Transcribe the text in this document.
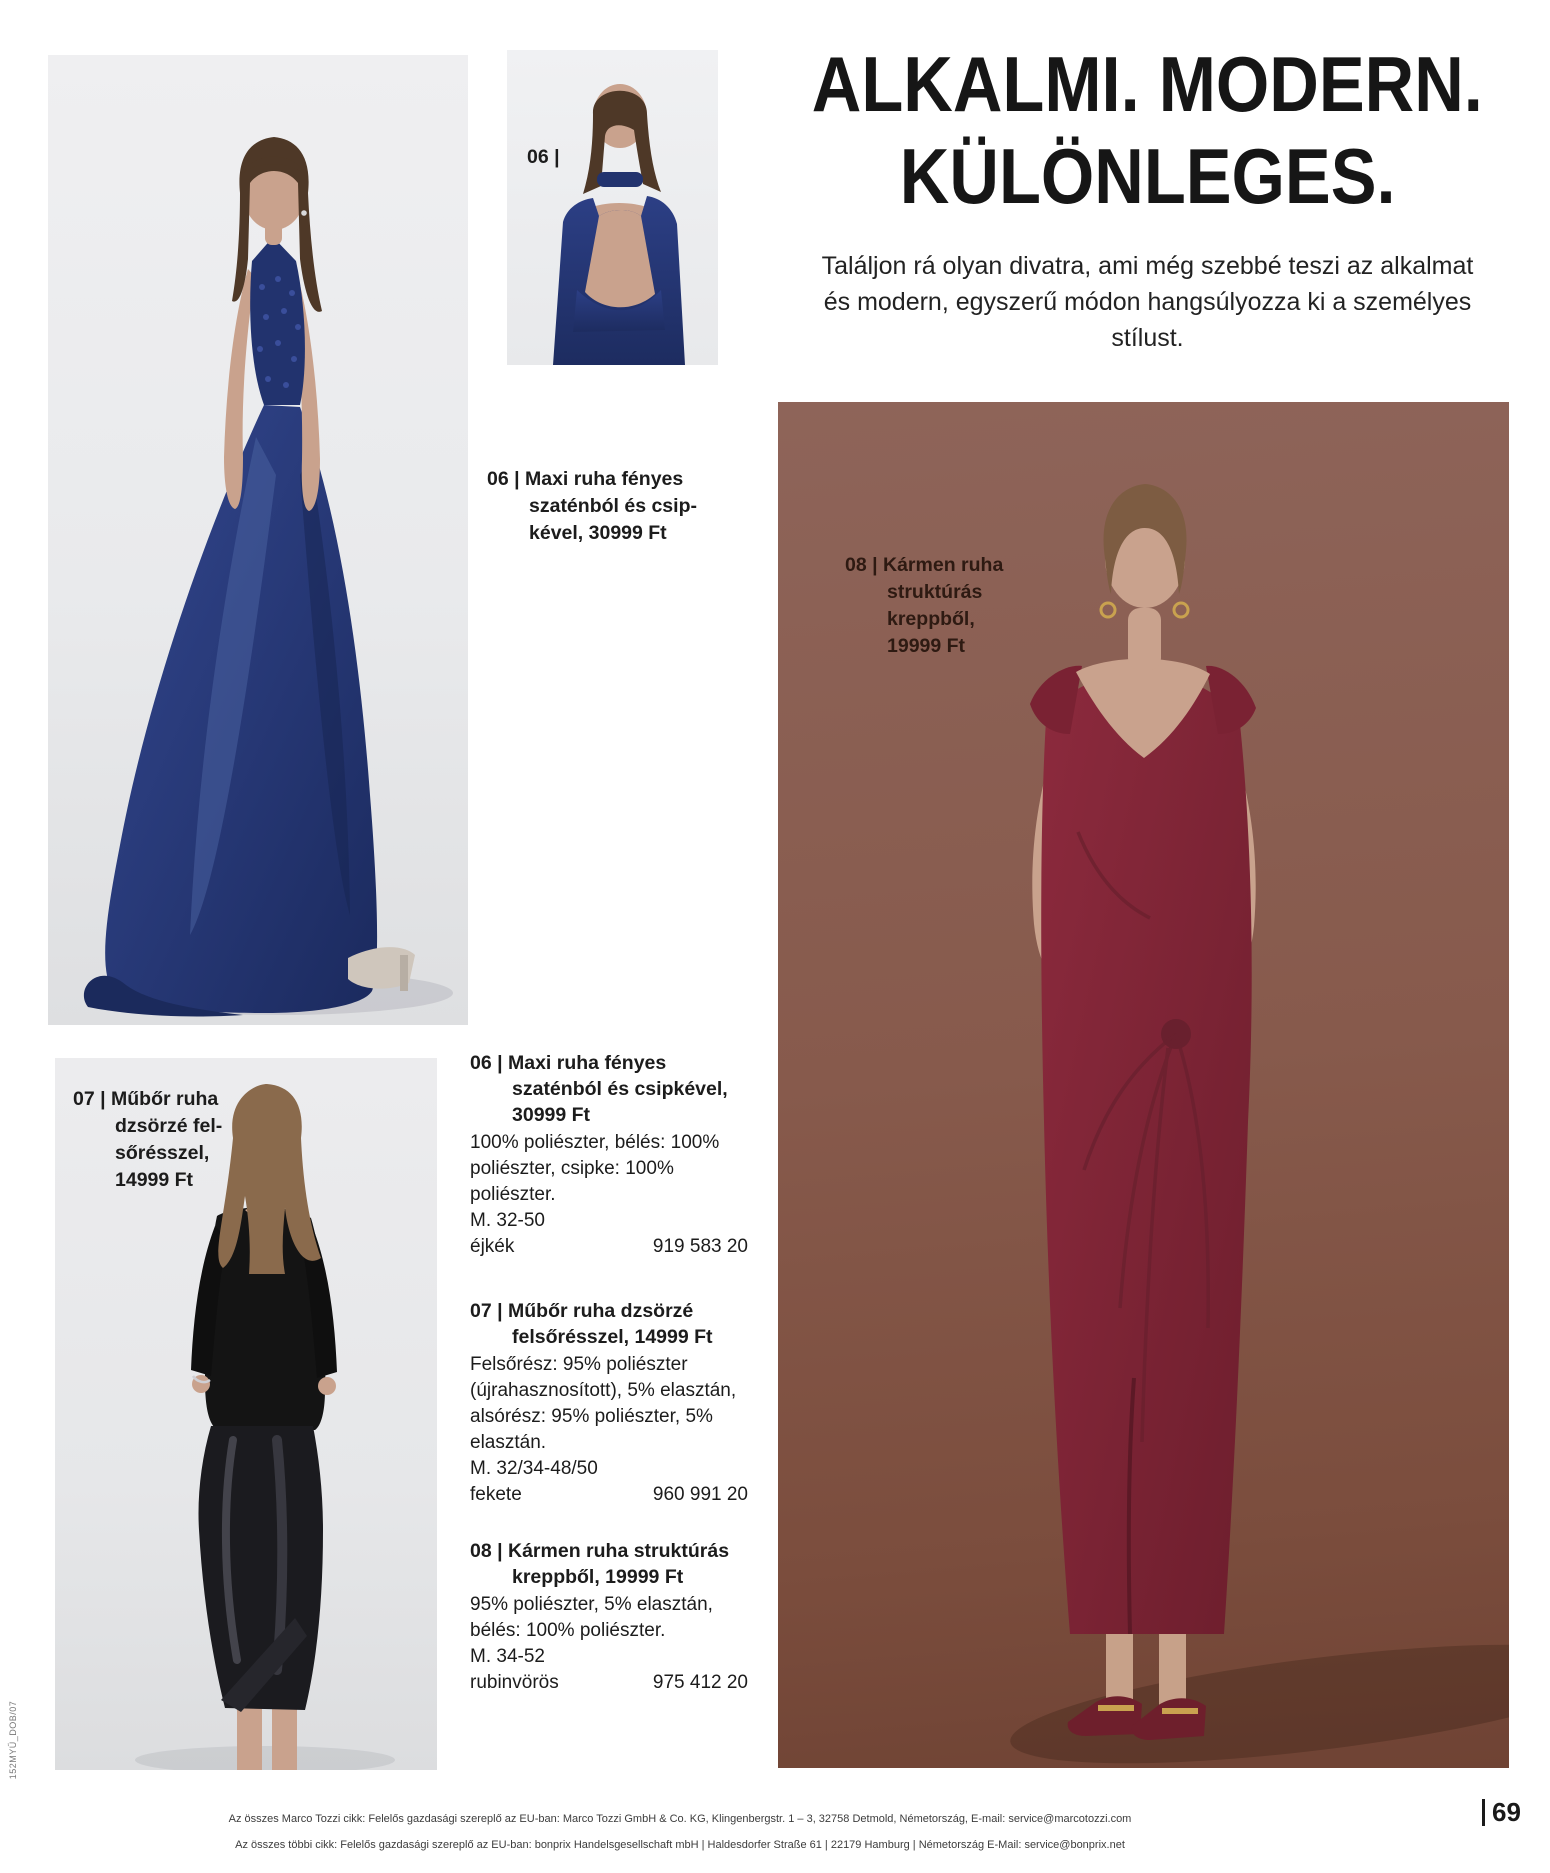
06 |

06 | Maxi ruha fényes

szaténból és csip-

kével, 30999 Ft

ALKALMI. MODERN.
KÜLÖNLEGES.

Találjon rá olyan divatra, ami még szebbé teszi az alkalmat
és modern, egyszerű módon hangsúlyozza ki a személyes
stílust.

08 | Kármen ruha

struktúrás

kreppből,

19999 Ft

07 | Műbőr ruha

dzsörzé fel-

sőrésszel,

14999 Ft

06 | Maxi ruha fényes szaténból és csipkével, 30999 Ft

100% poliészter, bélés: 100% poliészter, csipke: 100% poliészter.

M. 32-50

éjkék	919 583 20

07 | Műbőr ruha dzsörzé felsőrésszel, 14999 Ft

Felsőrész: 95% poliészter (újrahasznosított), 5% elasztán, alsórész: 95% poliészter, 5% elasztán.

M. 32/34-48/50

fekete	960 991 20

08 | Kármen ruha struktúrás kreppből, 19999 Ft

95% poliészter, 5% elasztán, bélés: 100% poliészter.

M. 34-52

rubinvörös	975 412 20

Az összes Marco Tozzi cikk: Felelős gazdasági szereplő az EU-ban: Marco Tozzi GmbH & Co. KG, Klingenbergstr. 1 – 3, 32758 Detmold, Németország, E-mail: service@marcotozzi.com

Az összes többi cikk: Felelős gazdasági szereplő az EU-ban: bonprix Handelsgesellschaft mbH | Haldesdorfer Straße 61 | 22179 Hamburg | Németország E-Mail: service@bonprix.net

69
152MYŰ_DOB/07
